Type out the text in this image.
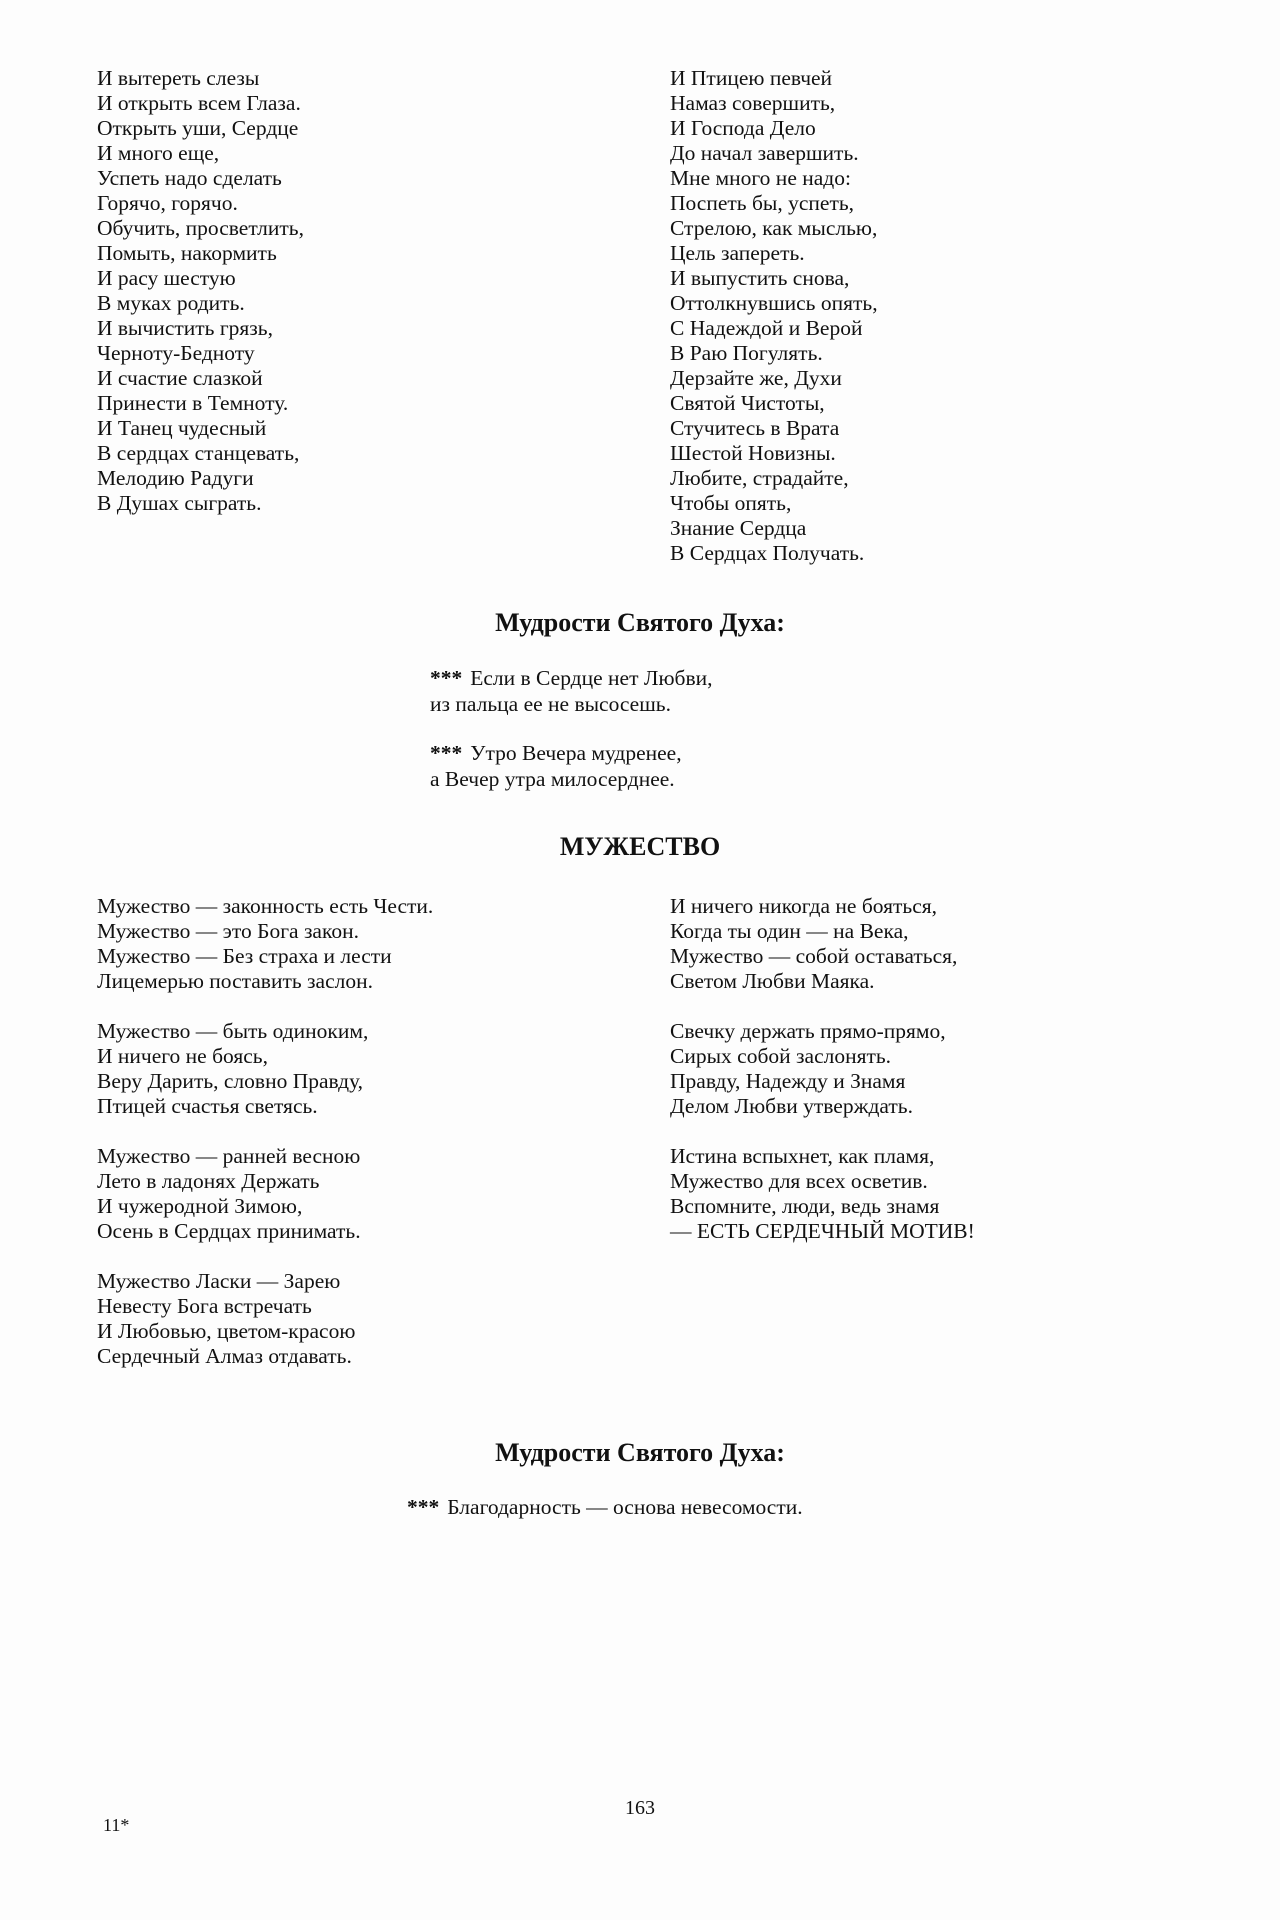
И вытереть слезы
И открыть всем Глаза.
Открыть уши, Сердце
И много еще,
Успеть надо сделать
Горячо, горячо.
Обучить, просветлить,
Помыть, накормить
И расу шестую
В муках родить.
И вычистить грязь,
Черноту-Бедноту
И счастие слазкой
Принести в Темноту.
И Танец чудесный
В сердцах станцевать,
Мелодию Радуги
В Душах сыграть.
И Птицею певчей
Намаз совершить,
И Господа Дело
До начал завершить.
Мне много не надо:
Поспеть бы, успеть,
Стрелою, как мыслью,
Цель запереть.
И выпустить снова,
Оттолкнувшись опять,
С Надеждой и Верой
В Раю Погулять.
Дерзайте же, Духи
Святой Чистоты,
Стучитесь в Врата
Шестой Новизны.
Любите, страдайте,
Чтобы опять,
Знание Сердца
В Сердцах Получать.
Мудрости Святого Духа:
*** Если в Сердце нет Любви,
из пальца ее не высосешь.
*** Утро Вечера мудренее,
а Вечер утра милосерднее.
МУЖЕСТВО
Мужество — законность есть Чести.
Мужество — это Бога закон.
Мужество — Без страха и лести
Лицемерью поставить заслон.
Мужество — быть одиноким,
И ничего не боясь,
Веру Дарить, словно Правду,
Птицей счастья светясь.
Мужество — ранней весною
Лето в ладонях Держать
И чужеродной Зимою,
Осень в Сердцах принимать.
Мужество Ласки — Зарею
Невесту Бога встречать
И Любовью, цветом-красою
Сердечный Алмаз отдавать.
И ничего никогда не бояться,
Когда ты один — на Века,
Мужество — собой оставаться,
Светом Любви Маяка.
Свечку держать прямо-прямо,
Сирых собой заслонять.
Правду, Надежду и Знамя
Делом Любви утверждать.
Истина вспыхнет, как пламя,
Мужество для всех осветив.
Вспомните, люди, ведь знамя
— ЕСТЬ СЕРДЕЧНЫЙ МОТИВ!
Мудрости Святого Духа:
*** Благодарность — основа невесомости.
163
11*
